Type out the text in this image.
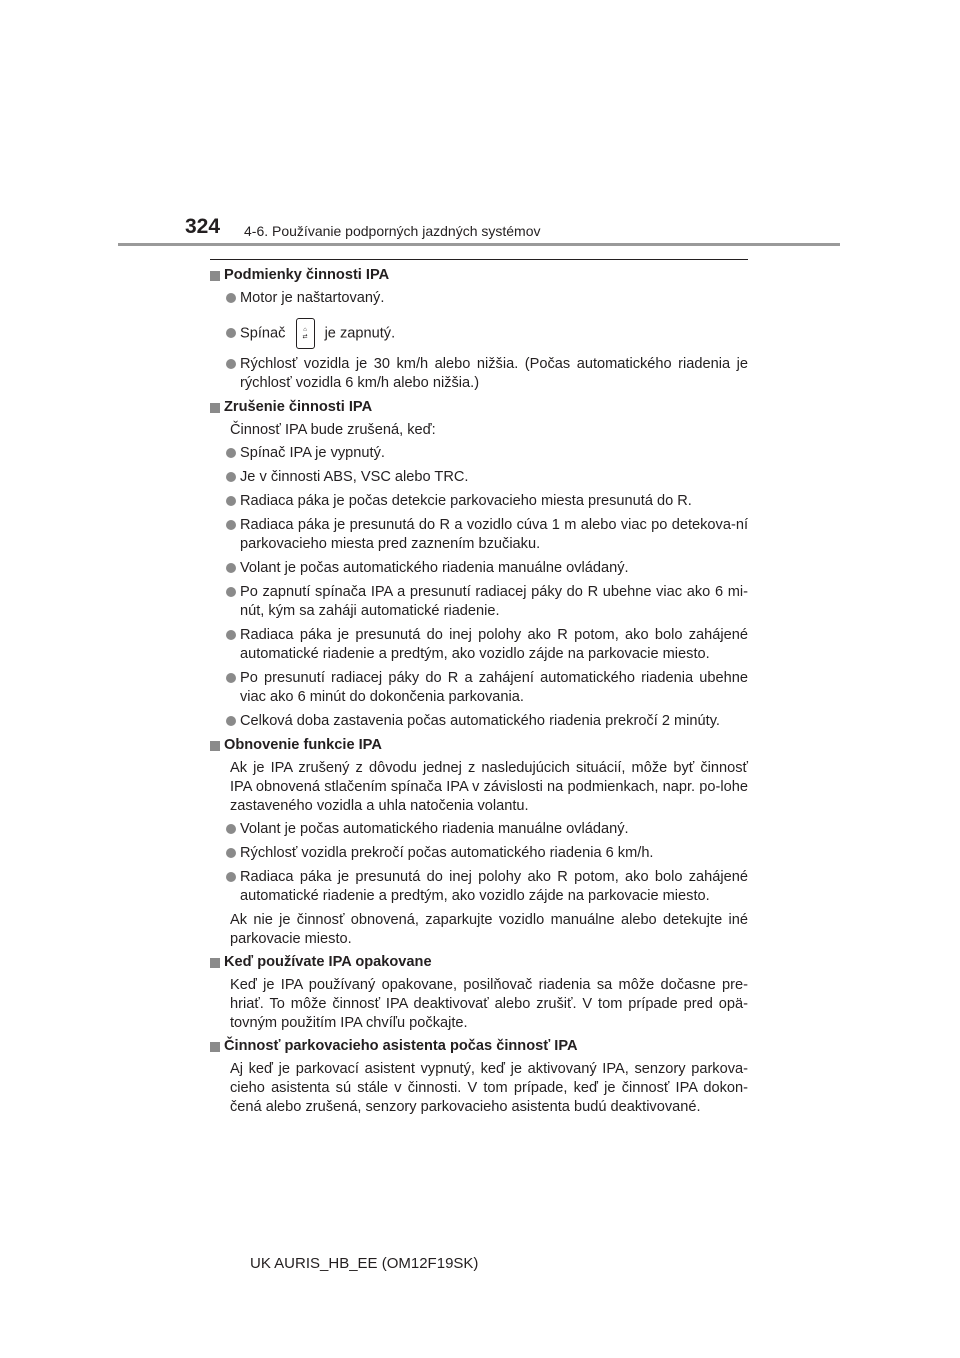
324 4-6. Používanie podporných jazdných systémov
Podmienky činnosti IPA
Motor je naštartovaný.
Spínač	⌂
⇄ je zapnutý.
Rýchlosť vozidla je 30 km/h alebo nižšia. (Počas automatického riadenia je rýchlosť vozidla 6 km/h alebo nižšia.)
Zrušenie činnosti IPA
Činnosť IPA bude zrušená, keď:
Spínač IPA je vypnutý.
Je v činnosti ABS, VSC alebo TRC.
Radiaca páka je počas detekcie parkovacieho miesta presunutá do R.
Radiaca páka je presunutá do R a vozidlo cúva 1 m alebo viac po detekova-ní parkovacieho miesta pred zaznením bzučiaku.
Volant je počas automatického riadenia manuálne ovládaný.
Po zapnutí spínača IPA a presunutí radiacej páky do R ubehne viac ako 6 mi-nút, kým sa zaháji automatické riadenie.
Radiaca páka je presunutá do inej polohy ako R potom, ako bolo zahájené automatické riadenie a predtým, ako vozidlo zájde na parkovacie miesto.
Po presunutí radiacej páky do R a zahájení automatického riadenia ubehne viac ako 6 minút do dokončenia parkovania.
Celková doba zastavenia počas automatického riadenia prekročí 2 minúty.
Obnovenie funkcie IPA
Ak je IPA zrušený z dôvodu jednej z nasledujúcich situácií, môže byť činnosť IPA obnovená stlačením spínača IPA v závislosti na podmienkach, napr. po-lohe zastaveného vozidla a uhla natočenia volantu.
Volant je počas automatického riadenia manuálne ovládaný.
Rýchlosť vozidla prekročí počas automatického riadenia 6 km/h.
Radiaca páka je presunutá do inej polohy ako R potom, ako bolo zahájené automatické riadenie a predtým, ako vozidlo zájde na parkovacie miesto.
Ak nie je činnosť obnovená, zaparkujte vozidlo manuálne alebo detekujte iné parkovacie miesto.
Keď používate IPA opakovane
Keď je IPA používaný opakovane, posilňovač riadenia sa môže dočasne pre-hriať. To môže činnosť IPA deaktivovať alebo zrušiť. V tom prípade pred opä-tovným použitím IPA chvíľu počkajte.
Činnosť parkovacieho asistenta počas činnosť IPA
Aj keď je parkovací asistent vypnutý, keď je aktivovaný IPA, senzory parkova-cieho asistenta sú stále v činnosti. V tom prípade, keď je činnosť IPA dokon-čená alebo zrušená, senzory parkovacieho asistenta budú deaktivované.
UK AURIS_HB_EE (OM12F19SK)
